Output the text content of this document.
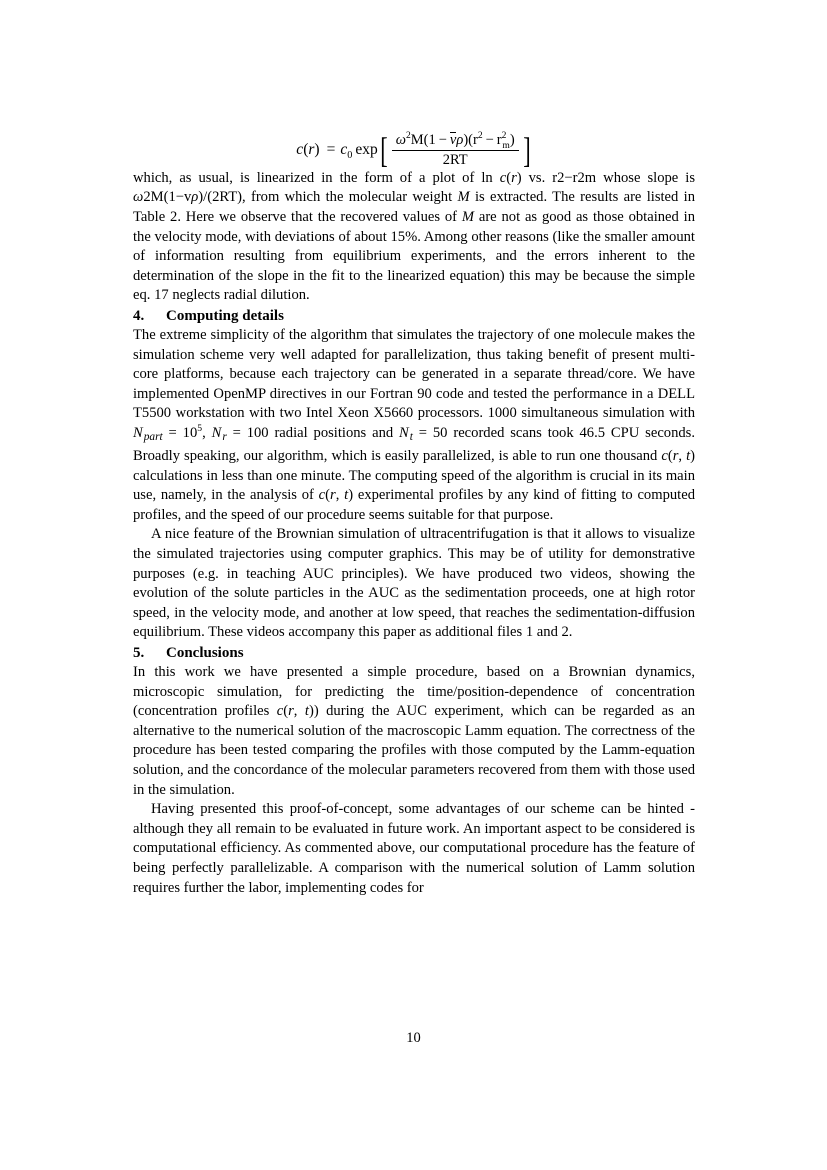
$c(r) = c_0$ exp [ $\frac{\omega^2M(1 - \nu\rho)(r^2 - r^2_m)}{2RT}$ ]

which, as usual, is linearized in the form of a plot of ln c(r) vs. r2−r2m whose slope is ω2M(1−vρ)/(2RT), from which the molecular weight M is extracted. The results are listed in Table 2. Here we observe that the recovered values of M are not as good as those obtained in the velocity mode, with deviations of about 15%. Among other reasons (like the smaller amount of information resulting from equilibrium experiments, and the errors inherent to the determination of the slope in the fit to the linearized equation) this may be because the simple eq. 17 neglects radial dilution.

4. Computing details

The extreme simplicity of the algorithm that simulates the trajectory of one molecule makes the simulation scheme very well adapted for parallelization, thus taking benefit of present multi-core platforms, because each trajectory can be generated in a separate thread/core. We have implemented OpenMP directives in our Fortran 90 code and tested the performance in a DELL T5500 workstation with two Intel Xeon X5660 processors. 1000 simultaneous simulation with Npart = $10^5$, Nr = 100 radial positions and Nt = 50 recorded scans took 46.5 CPU seconds. Broadly speaking, our algorithm, which is easily parallelized, is able to run one thousand c(r, t) calculations in less than one minute. The computing speed of the algorithm is crucial in its main use, namely, in the analysis of c(r, t) experimental profiles by any kind of fitting to computed profiles, and the speed of our procedure seems suitable for that purpose.

A nice feature of the Brownian simulation of ultracentrifugation is that it allows to visualize the simulated trajectories using computer graphics. This may be of utility for demonstrative purposes (e.g. in teaching AUC principles). We have produced two videos, showing the evolution of the solute particles in the AUC as the sedimentation proceeds, one at high rotor speed, in the velocity mode, and another at low speed, that reaches the sedimentation-diffusion equilibrium. These videos accompany this paper as additional files 1 and 2.

5. Conclusions

In this work we have presented a simple procedure, based on a Brownian dynamics, microscopic simulation, for predicting the time/position-dependence of concentration (concentration profiles c(r, t)) during the AUC experiment, which can be regarded as an alternative to the numerical solution of the macroscopic Lamm equation. The correctness of the procedure has been tested comparing the profiles with those computed by the Lamm-equation solution, and the concordance of the molecular parameters recovered from them with those used in the simulation.

Having presented this proof-of-concept, some advantages of our scheme can be hinted - although they all remain to be evaluated in future work. An important aspect to be considered is computational efficiency. As commented above, our computational procedure has the feature of being perfectly parallelizable. A comparison with the numerical solution of Lamm solution requires further the labor, implementing codes for

10
